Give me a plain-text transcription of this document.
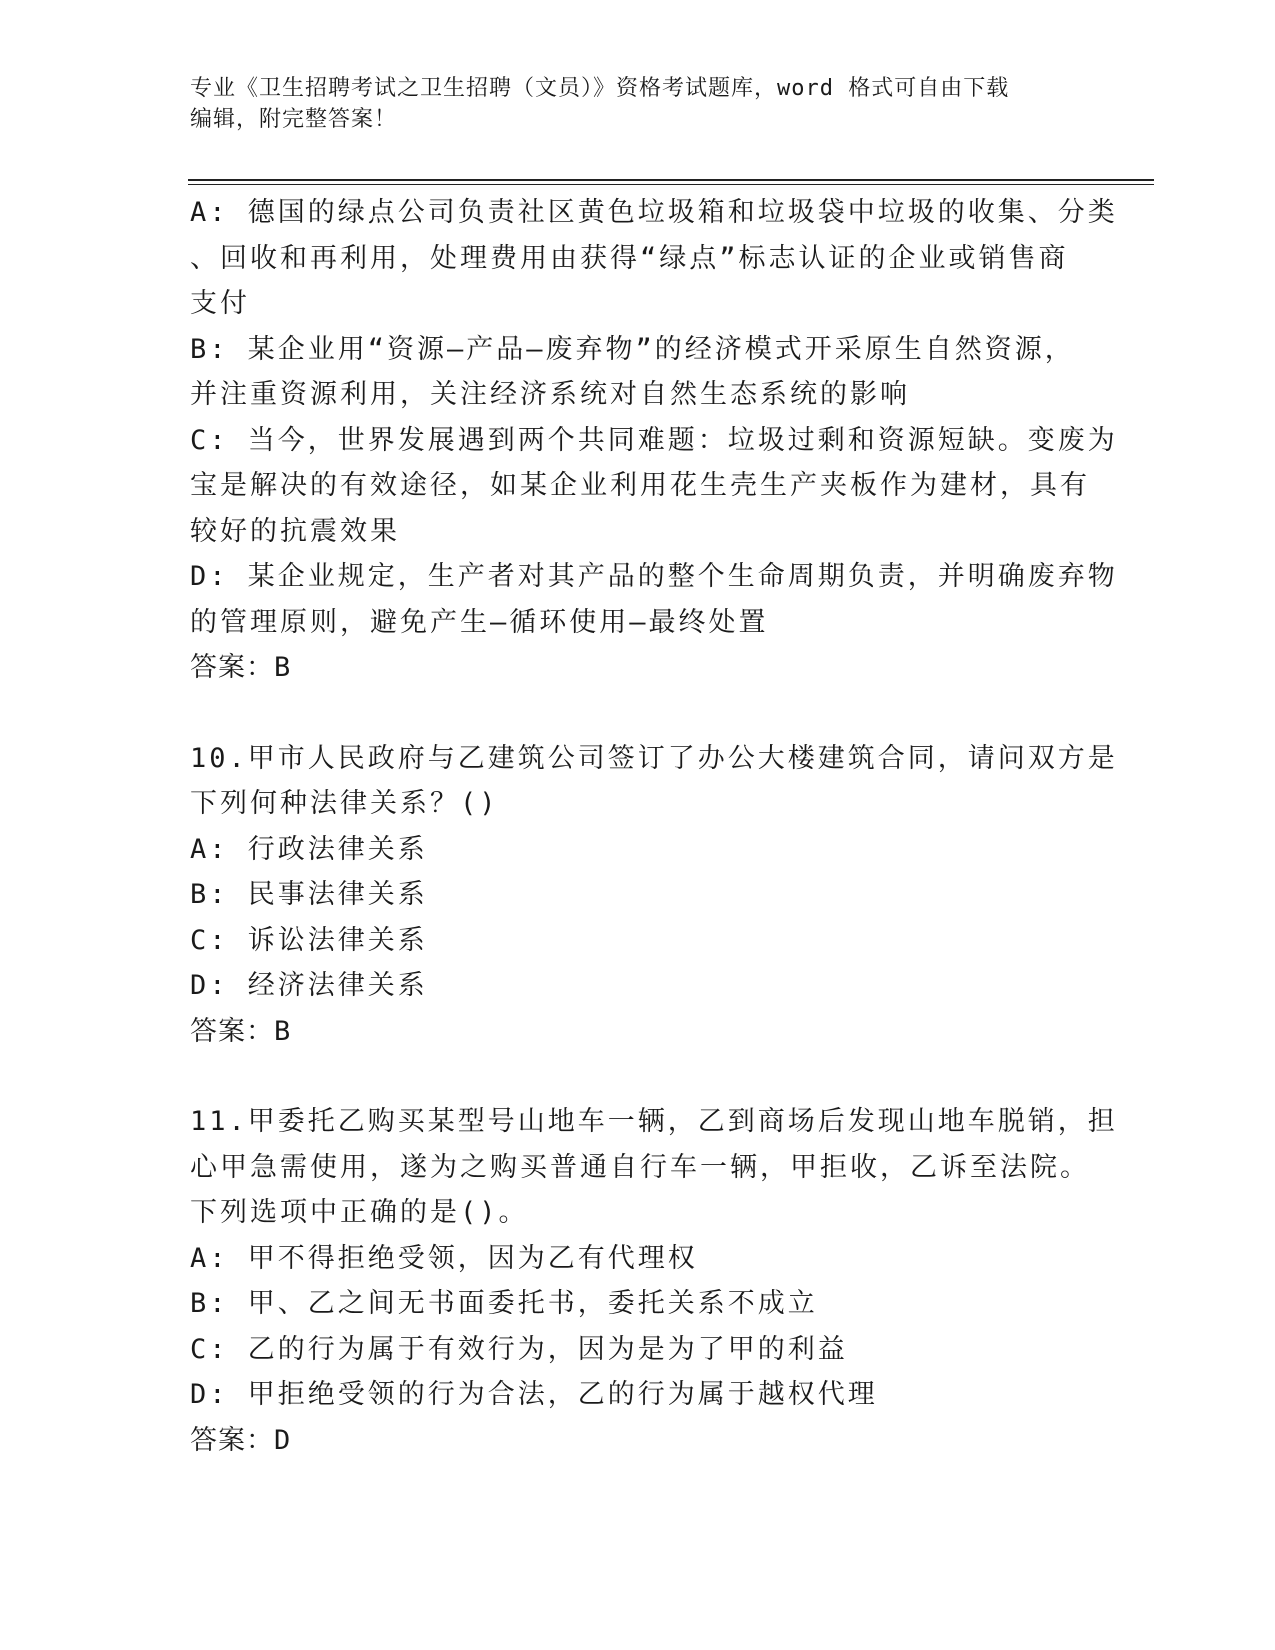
专业《卫生招聘考试之卫生招聘（文员）》资格考试题库，word 格式可自由下载
编辑，附完整答案！
A: 德国的绿点公司负责社区黄色垃圾箱和垃圾袋中垃圾的收集、分类
、回收和再利用，处理费用由获得“绿点”标志认证的企业或销售商
支付
B: 某企业用“资源—产品—废弃物”的经济模式开采原生自然资源，
并注重资源利用，关注经济系统对自然生态系统的影响
C: 当今，世界发展遇到两个共同难题：垃圾过剩和资源短缺。变废为
宝是解决的有效途径，如某企业利用花生壳生产夹板作为建材，具有
较好的抗震效果
D: 某企业规定，生产者对其产品的整个生命周期负责，并明确废弃物
的管理原则，避免产生—循环使用—最终处置
答案：B
10.甲市人民政府与乙建筑公司签订了办公大楼建筑合同，请问双方是
下列何种法律关系？()
A: 行政法律关系
B: 民事法律关系
C: 诉讼法律关系
D: 经济法律关系
答案：B
11.甲委托乙购买某型号山地车一辆，乙到商场后发现山地车脱销，担
心甲急需使用，遂为之购买普通自行车一辆，甲拒收，乙诉至法院。
下列选项中正确的是()。
A: 甲不得拒绝受领，因为乙有代理权
B: 甲、乙之间无书面委托书，委托关系不成立
C: 乙的行为属于有效行为，因为是为了甲的利益
D: 甲拒绝受领的行为合法，乙的行为属于越权代理
答案：D
